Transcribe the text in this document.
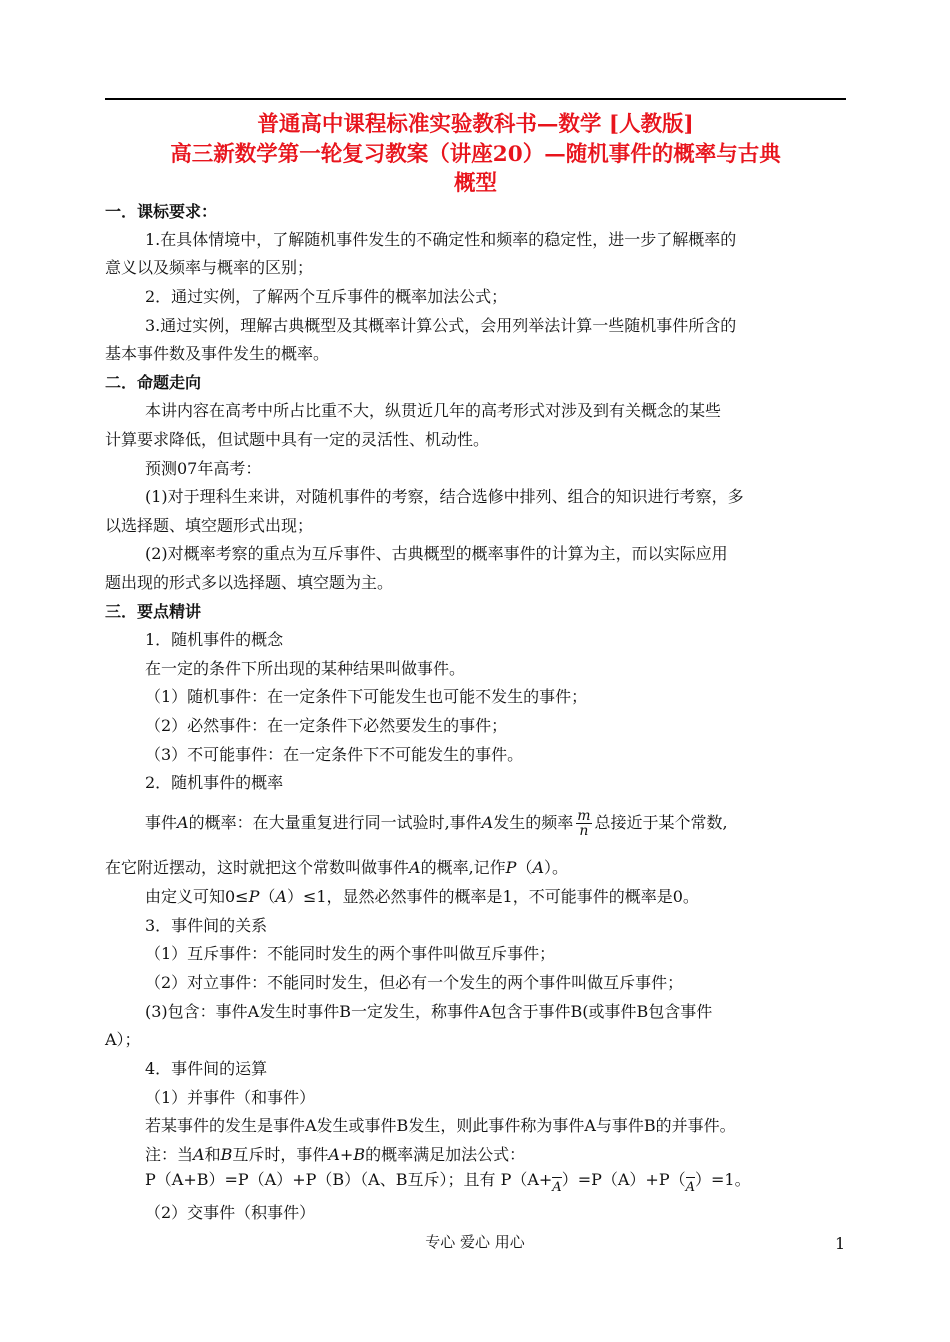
普通高中课程标准实验教科书—数学 [人教版]
高三新数学第一轮复习教案（讲座20）—随机事件的概率与古典
概型
一．课标要求：
1.在具体情境中，了解随机事件发生的不确定性和频率的稳定性，进一步了解概率的
意义以及频率与概率的区别；
2．通过实例，了解两个互斥事件的概率加法公式；
3.通过实例，理解古典概型及其概率计算公式，会用列举法计算一些随机事件所含的
基本事件数及事件发生的概率。
二．命题走向
本讲内容在高考中所占比重不大，纵贯近几年的高考形式对涉及到有关概念的某些
计算要求降低，但试题中具有一定的灵活性、机动性。
预测07年高考：
(1)对于理科生来讲，对随机事件的考察，结合选修中排列、组合的知识进行考察，多
以选择题、填空题形式出现；
(2)对概率考察的重点为互斥事件、古典概型的概率事件的计算为主，而以实际应用
题出现的形式多以选择题、填空题为主。
三．要点精讲
1．随机事件的概念
在一定的条件下所出现的某种结果叫做事件。
（1）随机事件：在一定条件下可能发生也可能不发生的事件；
（2）必然事件：在一定条件下必然要发生的事件；
（3）不可能事件：在一定条件下不可能发生的事件。
2．随机事件的概率
事件A的概率：在大量重复进行同一试验时,事件A发生的频率 $\frac{m}{n}$ 总接近于某个常数,
在它附近摆动，这时就把这个常数叫做事件A的概率,记作P（A）。
由定义可知0≤P（A）≤1，显然必然事件的概率是1，不可能事件的概率是0。
3．事件间的关系
（1）互斥事件：不能同时发生的两个事件叫做互斥事件；
（2）对立事件：不能同时发生，但必有一个发生的两个事件叫做互斥事件；
(3)包含：事件A发生时事件B一定发生，称事件A包含于事件B(或事件B包含事件
A）；
4．事件间的运算
（1）并事件（和事件）
若某事件的发生是事件A发生或事件B发生，则此事件称为事件A与事件B的并事件。
注：当A和B互斥时，事件A+B的概率满足加法公式：
P（A+B）=P（A）+P（B）（A、B互斥）；且有 P（A+A）=P（A）+P（A）=1。
（2）交事件（积事件）
专心 爱心 用心	1
